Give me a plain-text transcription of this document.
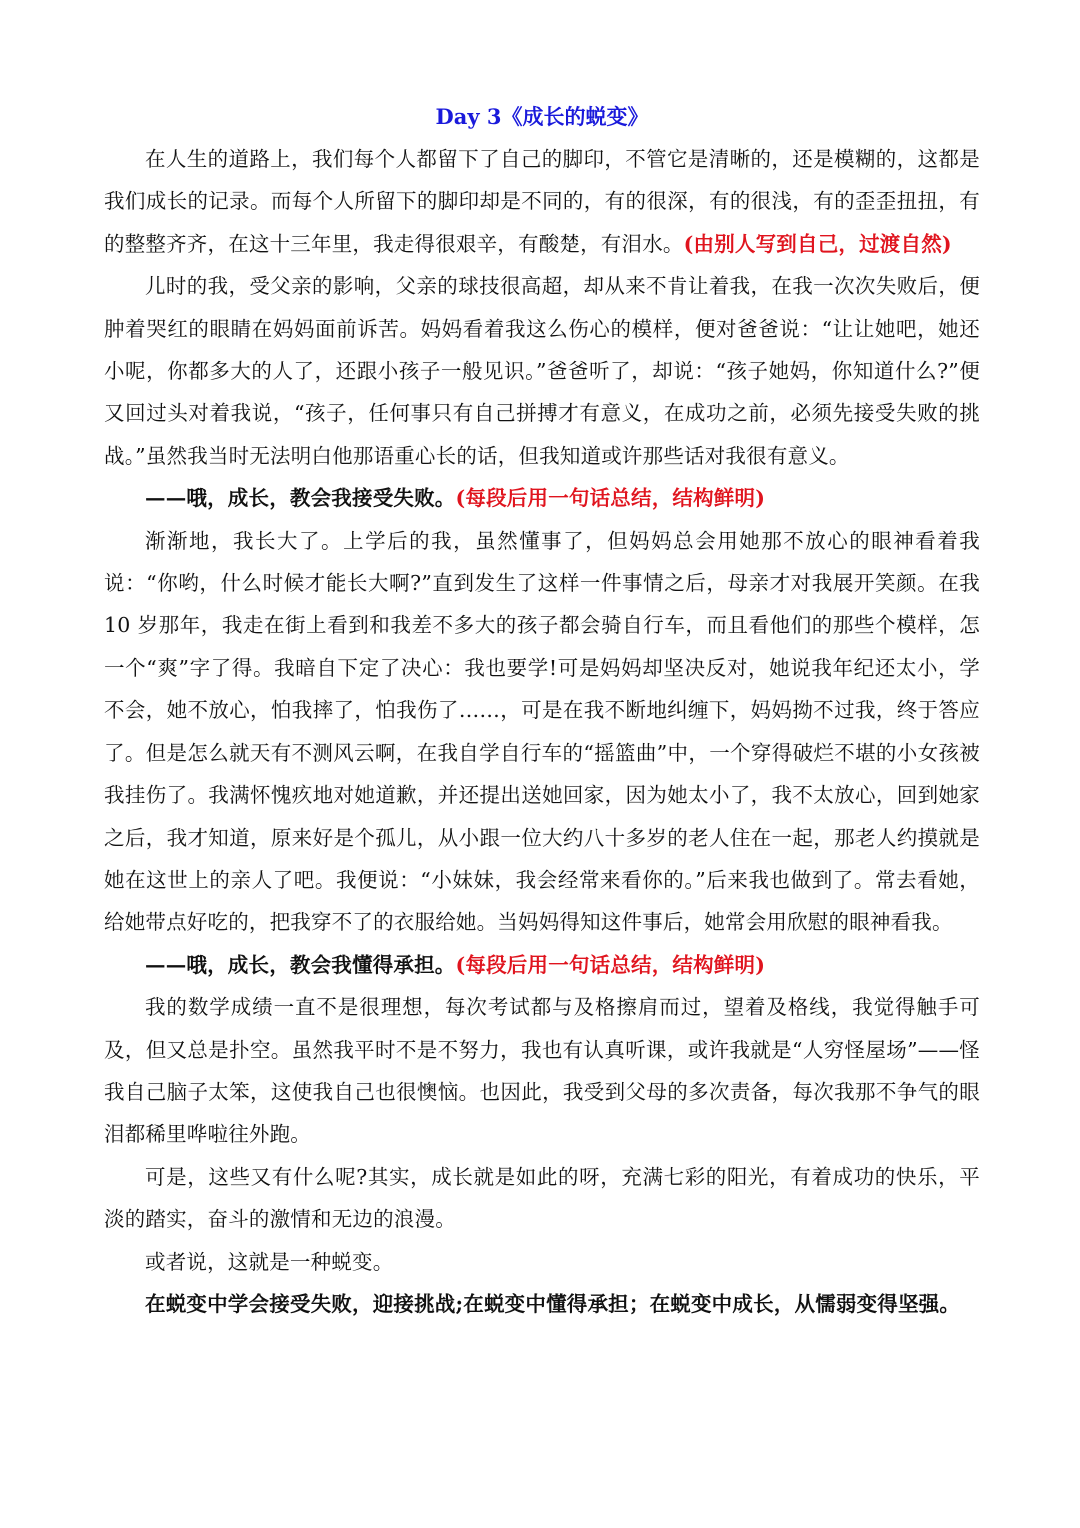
Day 3《成长的蜕变》

在人生的道路上，我们每个人都留下了自己的脚印，不管它是清晰的，还是模糊的，这都是我们成长的记录。而每个人所留下的脚印却是不同的，有的很深，有的很浅，有的歪歪扭扭，有的整整齐齐，在这十三年里，我走得很艰辛，有酸楚，有泪水。(由别人写到自己，过渡自然)

儿时的我，受父亲的影响，父亲的球技很高超，却从来不肯让着我，在我一次次失败后，便肿着哭红的眼睛在妈妈面前诉苦。妈妈看着我这么伤心的模样，便对爸爸说：“让让她吧，她还小呢，你都多大的人了，还跟小孩子一般见识。”爸爸听了，却说：“孩子她妈，你知道什么?”便又回过头对着我说，“孩子，任何事只有自己拼搏才有意义，在成功之前，必须先接受失败的挑战。”虽然我当时无法明白他那语重心长的话，但我知道或许那些话对我很有意义。

——哦，成长，教会我接受失败。(每段后用一句话总结，结构鲜明)

渐渐地，我长大了。上学后的我，虽然懂事了，但妈妈总会用她那不放心的眼神看着我说：“你哟，什么时候才能长大啊?”直到发生了这样一件事情之后，母亲才对我展开笑颜。在我 10 岁那年，我走在街上看到和我差不多大的孩子都会骑自行车，而且看他们的那些个模样，怎一个“爽”字了得。我暗自下定了决心：我也要学!可是妈妈却坚决反对，她说我年纪还太小，学不会，她不放心，怕我摔了，怕我伤了……，可是在我不断地纠缠下，妈妈拗不过我，终于答应了。但是怎么就天有不测风云啊，在我自学自行车的“摇篮曲”中，一个穿得破烂不堪的小女孩被我挂伤了。我满怀愧疚地对她道歉，并还提出送她回家，因为她太小了，我不太放心，回到她家之后，我才知道，原来好是个孤儿，从小跟一位大约八十多岁的老人住在一起，那老人约摸就是她在这世上的亲人了吧。我便说：“小妹妹，我会经常来看你的。”后来我也做到了。常去看她，给她带点好吃的，把我穿不了的衣服给她。当妈妈得知这件事后，她常会用欣慰的眼神看我。

——哦，成长，教会我懂得承担。(每段后用一句话总结，结构鲜明)

我的数学成绩一直不是很理想，每次考试都与及格擦肩而过，望着及格线，我觉得触手可及，但又总是扑空。虽然我平时不是不努力，我也有认真听课，或许我就是“人穷怪屋场”——怪我自己脑子太笨，这使我自己也很懊恼。也因此，我受到父母的多次责备，每次我那不争气的眼泪都稀里哗啦往外跑。

可是，这些又有什么呢?其实，成长就是如此的呀，充满七彩的阳光，有着成功的快乐，平淡的踏实，奋斗的激情和无边的浪漫。

或者说，这就是一种蜕变。

在蜕变中学会接受失败，迎接挑战;在蜕变中懂得承担；在蜕变中成长，从懦弱变得坚强。
